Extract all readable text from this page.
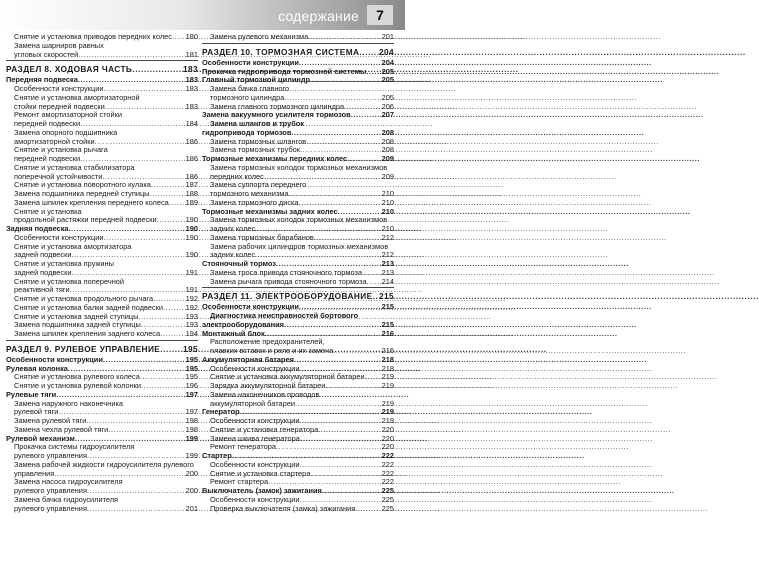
содержание	7
Снятие и установка приводов передних колес ..... 180
Замена шарниров равных
угловых скоростей .....	181
РАЗДЕЛ 8. ХОДОВАЯ ЧАСТЬ .....	183
Передняя подвеска .....	183
Особенности конструкции .....	183
Снятие и установка амортизаторной
стойки передней подвески .....	183
Ремонт амортизаторной стойки
передней подвески .....	184
Замена опорного подшипника
амортизаторной стойки .....	186
Снятие и установка рычага
передней подвески .....	186
Снятие и установка стабилизатора
поперечной устойчивости .....	186
Снятие и установка поворотного кулака .....	187
Замена подшипника передней ступицы .....	188
Замена шпилек крепления переднего колеса ..... 189
Снятие и установка
продольной растяжки передней подвески .....	190
Задняя подвеска .....	190
Особенности конструкции .....	190
Снятие и установка амортизатора
задней подвески .....	190
Снятие и установка пружины
задней подвески .....	191
Снятие и установка поперечной
реактивной тяги .....	191
Снятие и установка продольного рычага .....	192
Снятие и установка балки задней подвески .....	192
Снятие и установка задней ступицы .....	193
Замена подшипника задней ступицы .....	193
Замена шпилек крепления заднего колеса .....	194
РАЗДЕЛ 9. РУЛЕВОЕ УПРАВЛЕНИЕ .....	195
Особенности конструкции .....	195
Рулевая колонка .....	195
Снятие и установка рулевого колеса .....	195
Снятие и установка рулевой колонки .....	196
Рулевые тяги .....	197
Замена наружного наконечника
рулевой тяги .....	197
Замена рулевой тяги .....	198
Замена чехла рулевой тяги .....	198
Рулевой механизм .....	199
Прокачка системы гидроусилителя
рулевого управления .....	199
Замена рабочей жидкости гидроусилителя рулевого
управления .....	200
Замена насоса гидроусилителя
рулевого управления .....	200
Замена бачка гидроусилителя
рулевого управления .....	201
Замена рулевого механизма .....	201
РАЗДЕЛ 10. ТОРМОЗНАЯ СИСТЕМА ..... 204
Особенности конструкции .....	204
Прокачка гидропривода тормозной системы ..... 205
Главный тормозной цилиндр .....	205
Замена бачка главного
тормозного цилиндра .....	205
Замена главного тормозного цилиндра .....	206
Замена вакуумного усилителя тормозов .....	207
Замена шлангов и трубок
гидропривода тормозов .....	208
Замена тормозных шлангов .....	208
Замена тормозных трубок .....	208
Тормозные механизмы передних колес .....	209
Замена тормозных колодок тормозных механизмов
передних колес .....	209
Замена суппорта переднего
тормозного механизма .....	210
Замена тормозного диска .....	210
Тормозные механизмы задних колес .....	210
Замена тормозных колодок тормозных механизмов
задних колес .....	210
Замена тормозных барабанов .....	212
Замена рабочих цилиндров тормозных механизмов
задних колес .....	212
Стояночный тормоз .....	213
Замена троса привода стояночного тормоза .....	213
Замена рычага привода стояночного тормоза ..... 214
РАЗДЕЛ 11. ЭЛЕКТРООБОРУДОВАНИЕ ..... 215
Особенности конструкции .....	215
Диагностика неисправностей бортового
электрооборудования .....	215
Монтажный блок .....	216
Расположение предохранителей,
плавких вставок и реле и их замена .....	216
Аккумуляторная батарея .....	218
Особенности конструкции .....	218
Снятие и установка аккумуляторной батареи ..... 219
Зарядка аккумуляторной батареи .....	219
Замена наконечников проводов
аккумуляторной батареи .....	219
Генератор .....	219
Особенности конструкции .....	219
Снятие и установка генератора .....	220
Замена шкива генератора .....	220
Ремонт генератора .....	220
Стартер .....	222
Особенности конструкции .....	222
Снятие и установка стартера .....	222
Ремонт стартера .....	222
Выключатель (замок) зажигания .....	225
Особенности конструкции .....	225
Проверка выключателя (замка) зажигания .....	225
